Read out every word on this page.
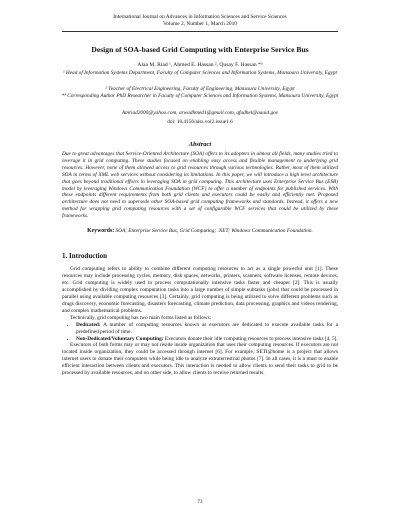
International Journal on Advances in Information Sciences and Service Sciences
Volume 2, Number 1, March 2010
Design of SOA-based Grid Computing with Enterprise Service Bus
Alaa M. Riad ¹, Ahmed E. Hassan ², Qusay F. Hassan *³
¹ Head of Information Systems Department, Faculty of Computer Sciences and Information Systems, Mansoura University, Egypt
² Teacher of Electrical Engineering, Faculty of Engineering, Mansoura University, Egypt
*³ Corresponding Author PhD Researcher in Faculty of Computer Sciences and Information Systems, Mansoura University, Egypt
Amriad2000@yahoo.com, arwadhmed1@gmail.com, qfadhel@aaaid.gov
doi: 10.4156/aiss.vol2.issue1.6
Abstract
Due to great advantages that Service-Oriented Architecture (SOA) offers to its adopters in almost all fields, many studies tried to leverage it in grid computing. These studies focused on enabling easy access and flexible management to underlying grid resources. However, none of them allowed access to grid resources through various technologies. Rather, most of them utilized SOA in terms of XML web services without considering its limitations. In this paper, we will introduce a high level architecture that goes beyond traditional efforts in leveraging SOA in grid computing. This architecture uses Enterprise Service Bus (ESB) model by leveraging Windows Communication Foundation (WCF) to offer a number of endpoints for published services. With these endpoints different requirements from both grid clients and executors could be easily and efficiently met. Proposed architecture does not need to supersede other SOA-based grid computing frameworks and standards. Instead, it offers a new method for wrapping grid computing resources with a set of configurable WCF services that could be utilized by these frameworks.
Keywords: SOA; Enterprise Service Bus, Grid Computing; .NET; Windows Communication Foundation.
1. Introduction

Grid computing refers to ability to combine different computing resources to act as a single powerful unit [1]. These resources may include processing cycles, memory, disk spaces, networks, printers, scanners, software licenses, remote devices, etc. Grid computing is widely used to process computationally intensive tasks faster and cheaper [2]. This is usually accomplished by dividing complex computation tasks into a large number of simple subtasks (jobs) that could be processed in parallel using available computing resources [3]. Certainly, grid computing is being utilized to solve different problems such as drugs discovery, economic forecasting, disasters forecasting, climate prediction, data processing, graphics and videos rendering, and complex mathematical problems.

Technically, grid computing has two main forms listed as follows:

• Dedicated: A number of computing resources known as executors are dedicated to execute available tasks for a predefined period of time.
• Non-Dedicated/Voluntary Computing: Executors donate their idle computing resources to process intensive tasks [4, 5].

Executors of both forms may or may not reside inside organization that uses their computing resources. If executors are not located inside organization, they could be accessed through internet [6]. For example, SETI@home is a project that allows internet users to donate their computers while being idle to analyze extraterrestrial photos [7]. In all cases, it is a must to enable efficient interaction between clients and executors. This interaction is needed to allow clients to send their tasks to grid to be processed by available resources, and on other side, to allow clients to receive returned results.

73
